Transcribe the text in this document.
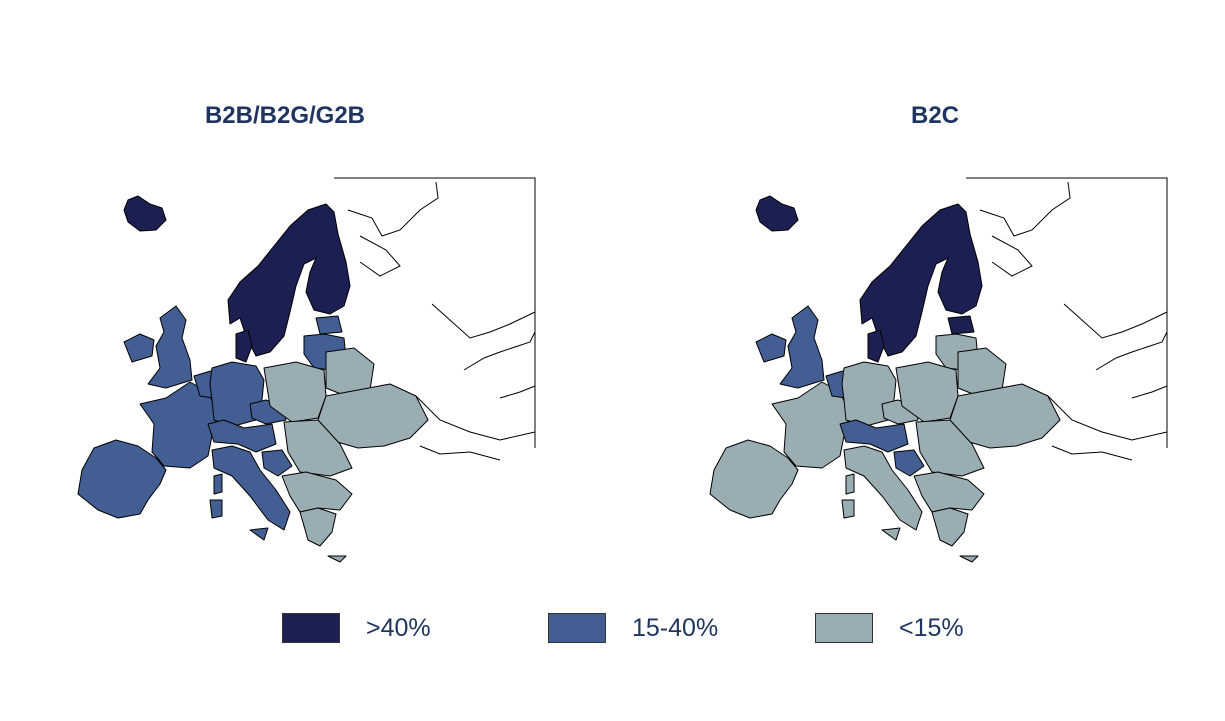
B2B/B2G/G2B	B2C
>40%	15-40%	<15%
